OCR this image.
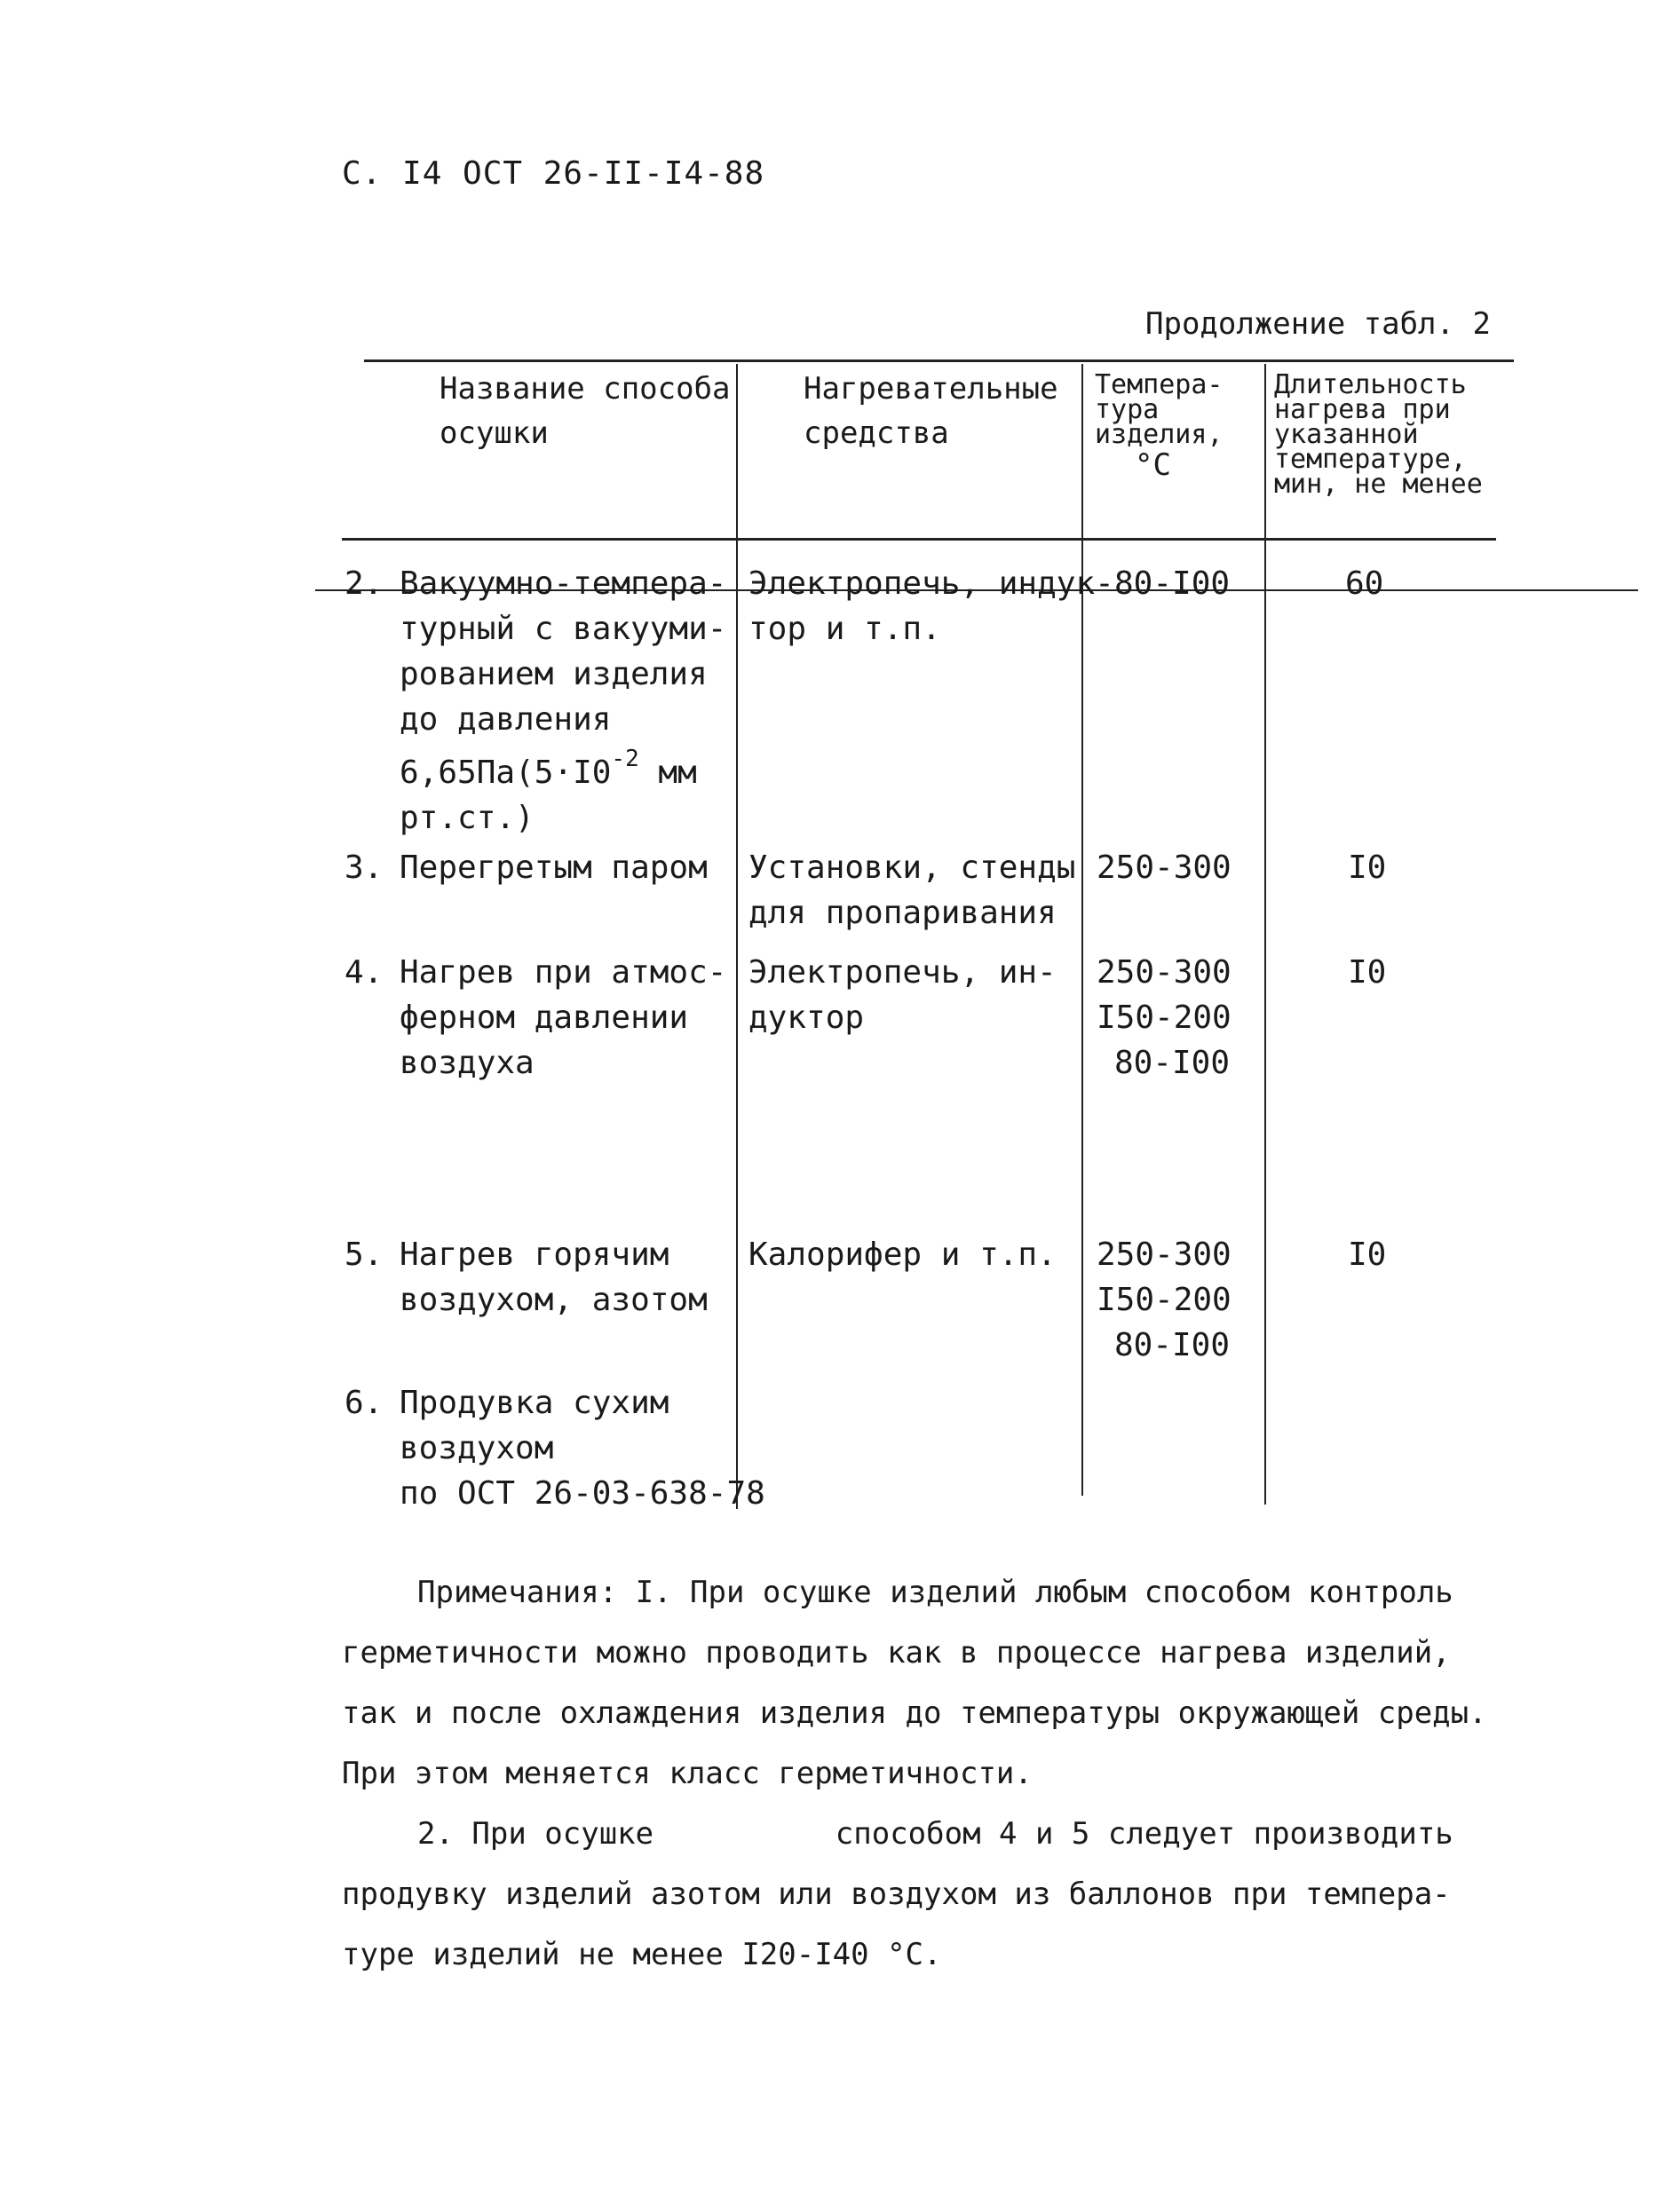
С. I4 ОСТ 26-II-I4-88
Продолжение табл. 2
Название способа
осушки
Нагревательные
средства
Темпера-
тура
изделия,
°C
Длительность
нагрева при
указанной
температуре,
мин, не менее
2. Вакуумно-темпера-
турный с вакууми-
рованием изделия
до давления
$6,65Па(5\cdot I0^{-2}$ мм
рт.ст.)
Электропечь, индук-
тор и т.п.
80-I00	60
3. Перегретым паром Установки, стенды
для пропаривания
250-300	I0
4. Нагрев при атмос-
ферном давлении
воздуха
Электропечь, ин-
дуктор
250-300
I50-200
80-I00
I0
5. Нагрев горячим
воздухом, азотом
Калорифер и т.п. 250-300
I50-200
80-I00
I0
6. Продувка сухим
воздухом
по ОСТ 26-03-638-78
Примечания: I. При осушке изделий любым способом контроль
герметичности можно проводить как в процессе нагрева изделий,
так и после охлаждения изделия до температуры окружающей среды.
При этом меняется класс герметичности.
2. При осушке          способом 4 и 5 следует производить
продувку изделий азотом или воздухом из баллонов при темпера-
туре изделий не менее I20-I40 °С.
